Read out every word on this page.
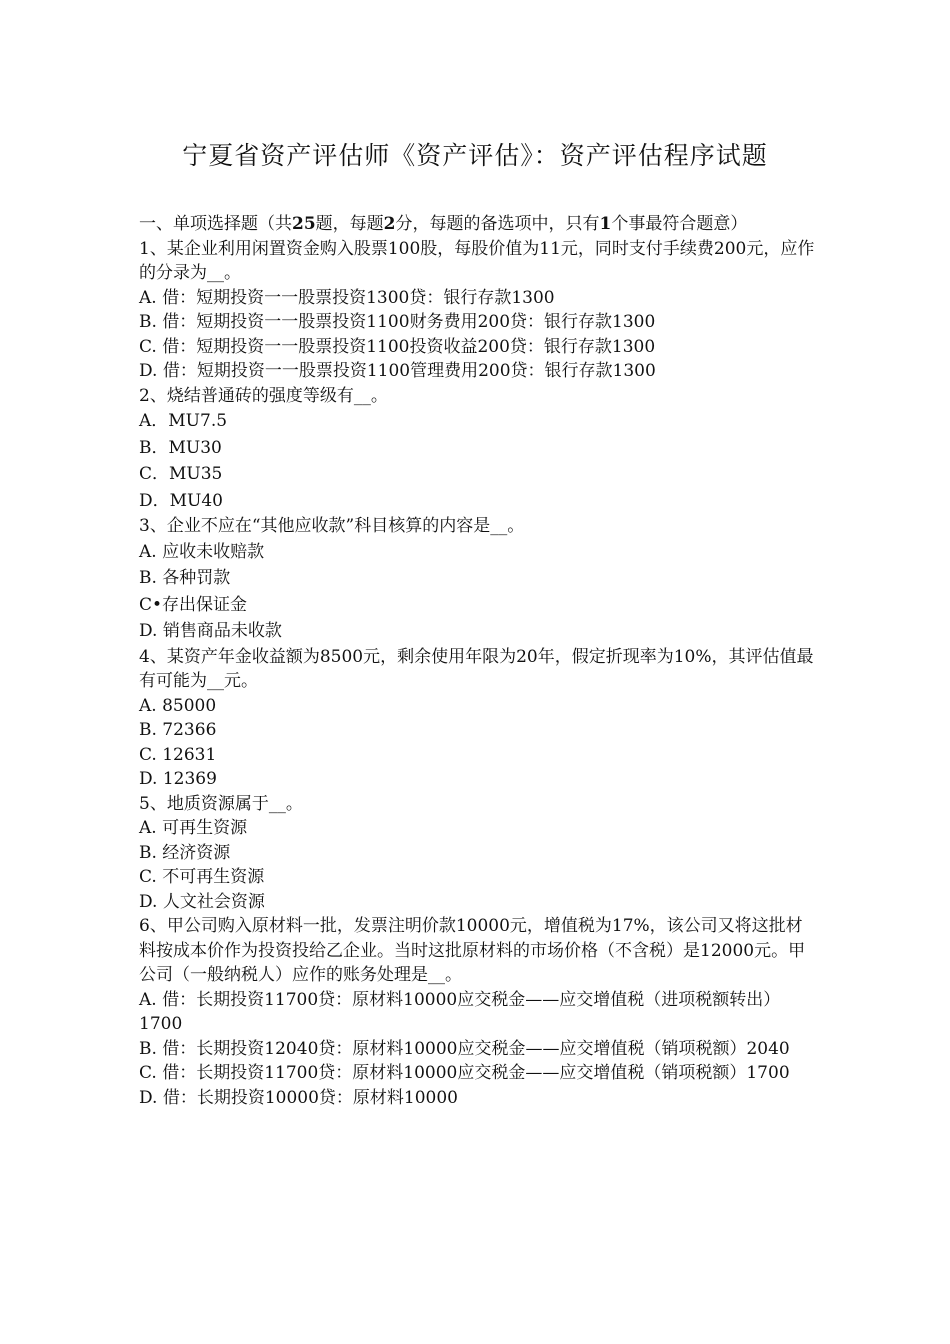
宁夏省资产评估师《资产评估》：资产评估程序试题

一、单项选择题（共25题，每题2分，每题的备选项中，只有1个事最符合题意）

1、某企业利用闲置资金购入股票100股，每股价值为11元，同时支付手续费200元，应作的分录为__。

A. 借：短期投资一一股票投资1300贷：银行存款1300

B. 借：短期投资一一股票投资1100财务费用200贷：银行存款1300

C. 借：短期投资一一股票投资1100投资收益200贷：银行存款1300

D. 借：短期投资一一股票投资1100管理费用200贷：银行存款1300

2、烧结普通砖的强度等级有__。

A．MU7.5

B．MU30

C．MU35

D．MU40

3、企业不应在“其他应收款”科目核算的内容是__。

A. 应收未收赔款

B. 各种罚款

C•存出保证金

D. 销售商品未收款

4、某资产年金收益额为8500元，剩余使用年限为20年，假定折现率为10%，其评估值最有可能为__元。

A. 85000

B. 72366

C. 12631

D. 12369

5、地质资源属于__。

A. 可再生资源

B. 经济资源

C. 不可再生资源

D. 人文社会资源

6、甲公司购入原材料一批，发票注明价款10000元，增值税为17%，该公司又将这批材料按成本价作为投资投给乙企业。当时这批原材料的市场价格（不含税）是12000元。甲公司（一般纳税人）应作的账务处理是__。

A. 借：长期投资11700贷：原材料10000应交税金——应交增值税（进项税额转出）1700

B. 借：长期投资12040贷：原材料10000应交税金——应交增值税（销项税额）2040

C. 借：长期投资11700贷：原材料10000应交税金——应交增值税（销项税额）1700

D. 借：长期投资10000贷：原材料10000
